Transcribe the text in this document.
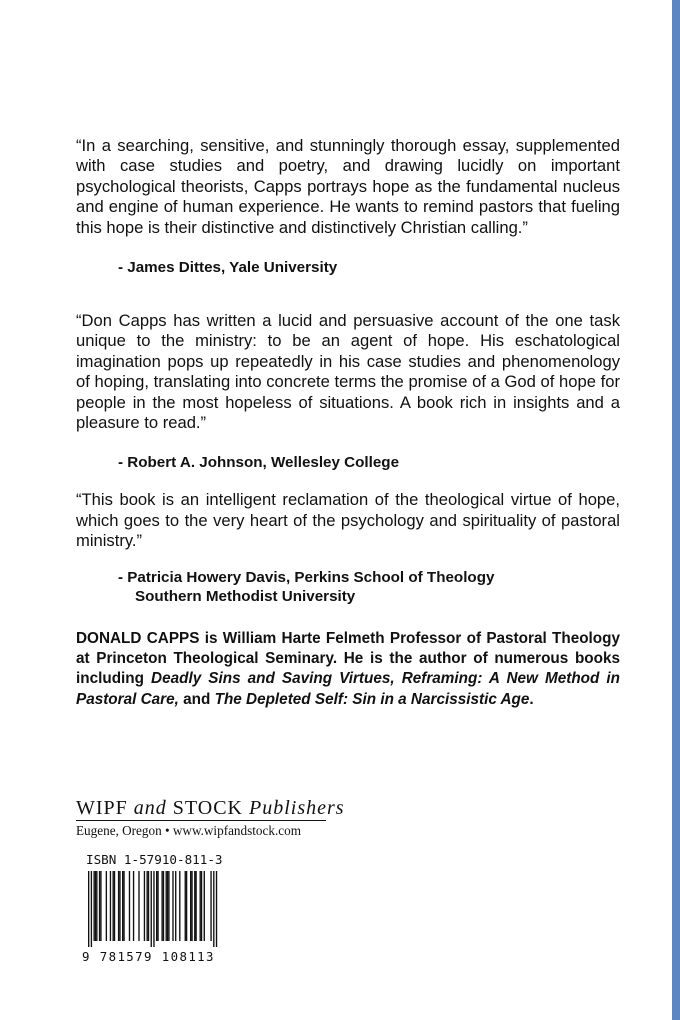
“In a searching, sensitive, and stunningly thorough essay, supplemented with case studies and poetry, and drawing lucidly on important psychological theorists, Capps portrays hope as the fundamental nucleus and engine of human experience. He wants to remind pastors that fueling this hope is their distinctive and distinctively Christian calling.”

- James Dittes, Yale University

“Don Capps has written a lucid and persuasive account of the one task unique to the ministry: to be an agent of hope. His eschatological imagination pops up repeatedly in his case studies and phenomenology of hoping, translating into concrete terms the promise of a God of hope for people in the most hopeless of situations. A book rich in insights and a pleasure to read.”

- Robert A. Johnson, Wellesley College

“This book is an intelligent reclamation of the theological virtue of hope, which goes to the very heart of the psychology and spirituality of pastoral ministry.”

- Patricia Howery Davis, Perkins School of Theology
Southern Methodist University

DONALD CAPPS is William Harte Felmeth Professor of Pastoral Theology at Princeton Theological Seminary. He is the author of numerous books including Deadly Sins and Saving Virtues, Reframing: A New Method in Pastoral Care, and The Depleted Self: Sin in a Narcissistic Age.

WIPF and STOCK Publishers

Eugene, Oregon • www.wipfandstock.com

ISBN 1-57910-811-3

9 781579 108113
